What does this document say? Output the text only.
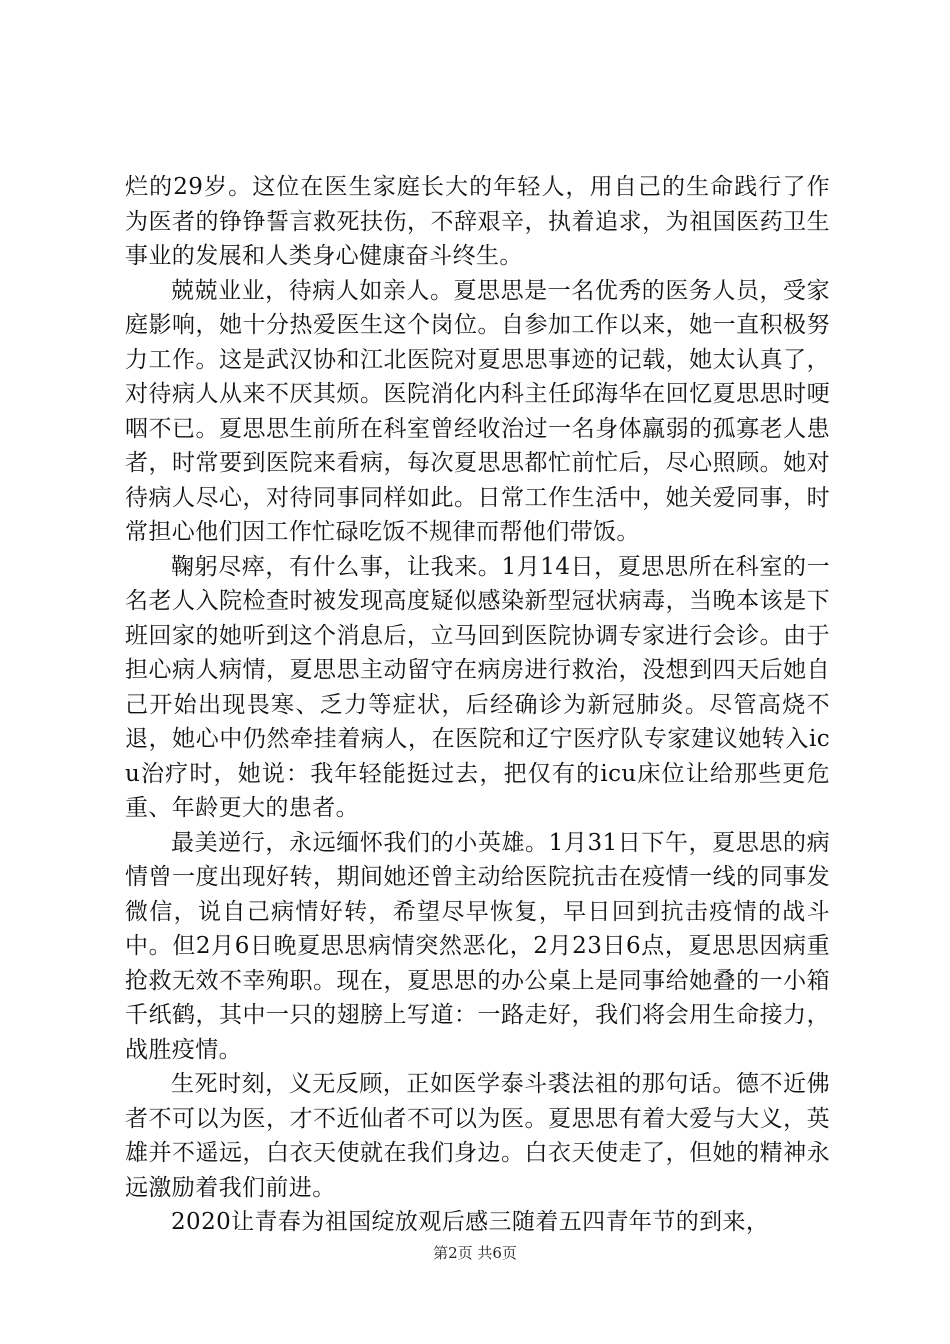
烂的29岁。这位在医生家庭长大的年轻人，用自己的生命践行了作为医者的铮铮誓言救死扶伤，不辞艰辛，执着追求，为祖国医药卫生事业的发展和人类身心健康奋斗终生。

兢兢业业，待病人如亲人。夏思思是一名优秀的医务人员，受家庭影响，她十分热爱医生这个岗位。自参加工作以来，她一直积极努力工作。这是武汉协和江北医院对夏思思事迹的记载，她太认真了，对待病人从来不厌其烦。医院消化内科主任邱海华在回忆夏思思时哽咽不已。夏思思生前所在科室曾经收治过一名身体羸弱的孤寡老人患者，时常要到医院来看病，每次夏思思都忙前忙后，尽心照顾。她对待病人尽心，对待同事同样如此。日常工作生活中，她关爱同事，时常担心他们因工作忙碌吃饭不规律而帮他们带饭。

鞠躬尽瘁，有什么事，让我来。1月14日，夏思思所在科室的一名老人入院检查时被发现高度疑似感染新型冠状病毒，当晚本该是下班回家的她听到这个消息后，立马回到医院协调专家进行会诊。由于担心病人病情，夏思思主动留守在病房进行救治，没想到四天后她自己开始出现畏寒、乏力等症状，后经确诊为新冠肺炎。尽管高烧不退，她心中仍然牵挂着病人，在医院和辽宁医疗队专家建议她转入icu治疗时，她说：我年轻能挺过去，把仅有的icu床位让给那些更危重、年龄更大的患者。

最美逆行，永远缅怀我们的小英雄。1月31日下午，夏思思的病情曾一度出现好转，期间她还曾主动给医院抗击在疫情一线的同事发微信，说自己病情好转，希望尽早恢复，早日回到抗击疫情的战斗中。但2月6日晚夏思思病情突然恶化，2月23日6点，夏思思因病重抢救无效不幸殉职。现在，夏思思的办公桌上是同事给她叠的一小箱千纸鹤，其中一只的翅膀上写道：一路走好，我们将会用生命接力，战胜疫情。

生死时刻，义无反顾，正如医学泰斗裘法祖的那句话。德不近佛者不可以为医，才不近仙者不可以为医。夏思思有着大爱与大义，英雄并不遥远，白衣天使就在我们身边。白衣天使走了，但她的精神永远激励着我们前进。

2020让青春为祖国绽放观后感三随着五四青年节的到来，

第2页 共6页
